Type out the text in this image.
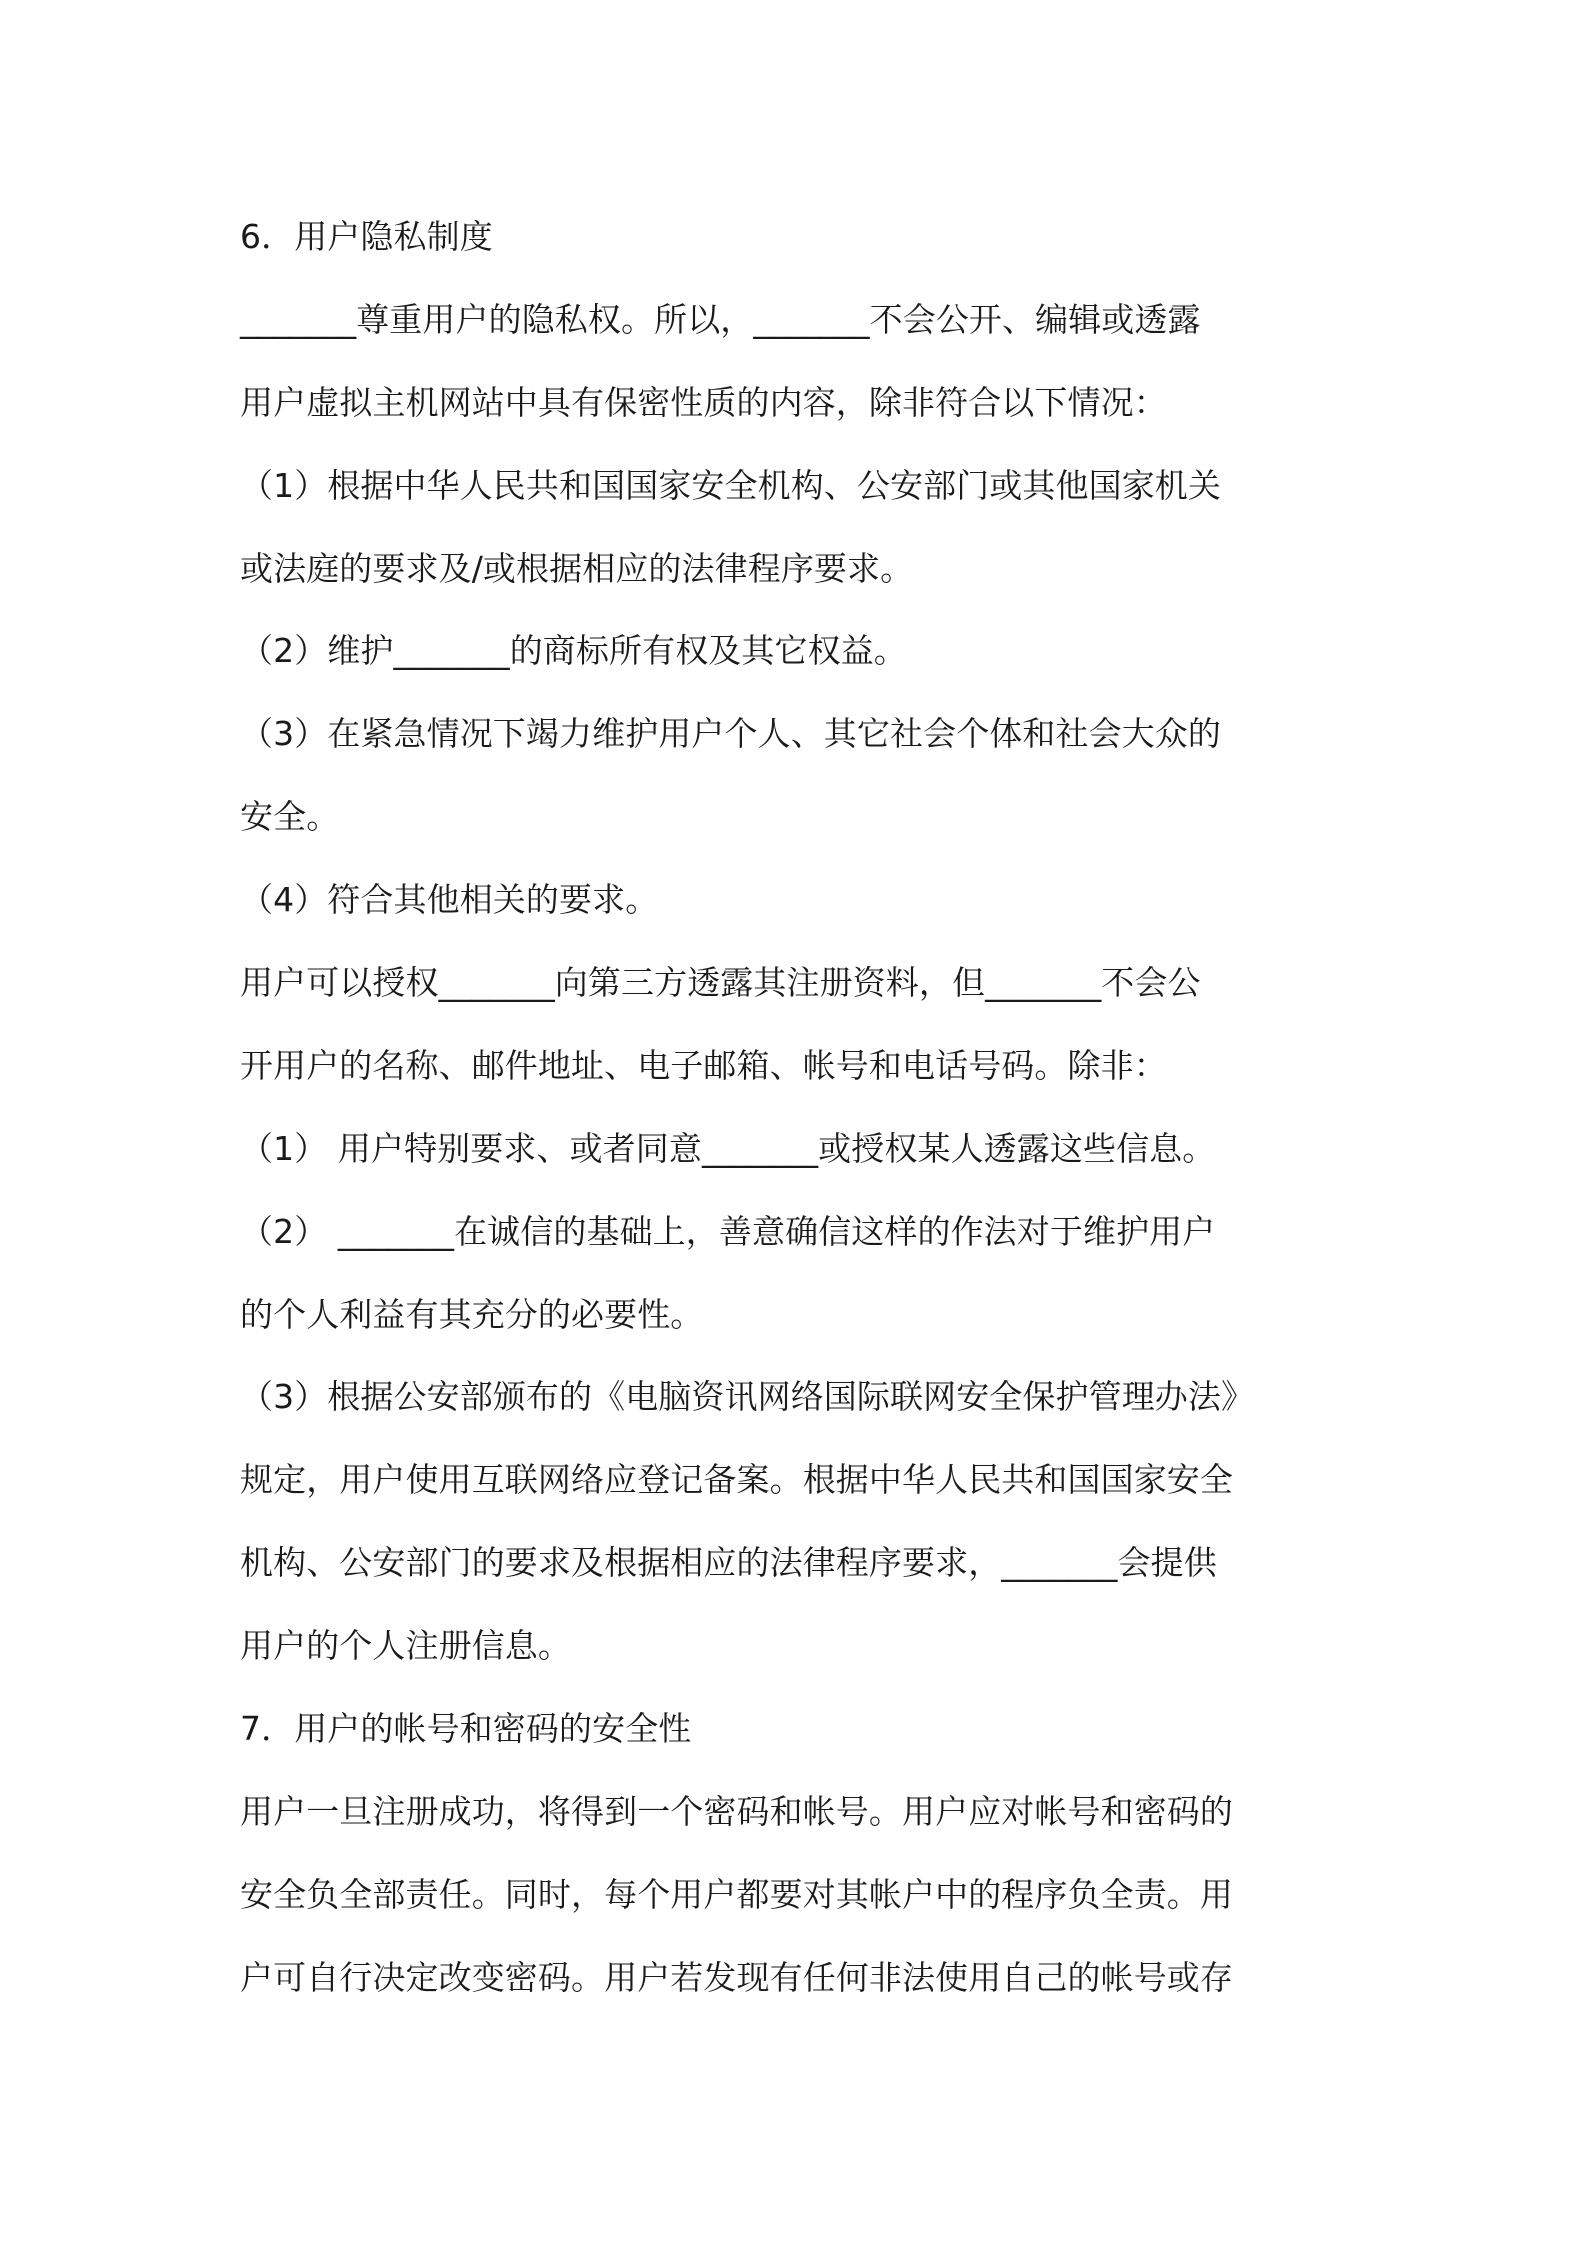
6．用户隐私制度
_______尊重用户的隐私权。所以，_______不会公开、编辑或透露
用户虚拟主机网站中具有保密性质的内容，除非符合以下情况：
（1）根据中华人民共和国国家安全机构、公安部门或其他国家机关
或法庭的要求及/或根据相应的法律程序要求。
（2）维护_______的商标所有权及其它权益。
（3）在紧急情况下竭力维护用户个人、其它社会个体和社会大众的
安全。
（4）符合其他相关的要求。
用户可以授权_______向第三方透露其注册资料，但_______不会公
开用户的名称、邮件地址、电子邮箱、帐号和电话号码。除非：
（1） 用户特别要求、或者同意_______或授权某人透露这些信息。
（2） _______在诚信的基础上，善意确信这样的作法对于维护用户
的个人利益有其充分的必要性。
（3）根据公安部颁布的《电脑资讯网络国际联网安全保护管理办法》
规定，用户使用互联网络应登记备案。根据中华人民共和国国家安全
机构、公安部门的要求及根据相应的法律程序要求，_______会提供
用户的个人注册信息。
7．用户的帐号和密码的安全性
用户一旦注册成功，将得到一个密码和帐号。用户应对帐号和密码的
安全负全部责任。同时，每个用户都要对其帐户中的程序负全责。用
户可自行决定改变密码。用户若发现有任何非法使用自己的帐号或存
